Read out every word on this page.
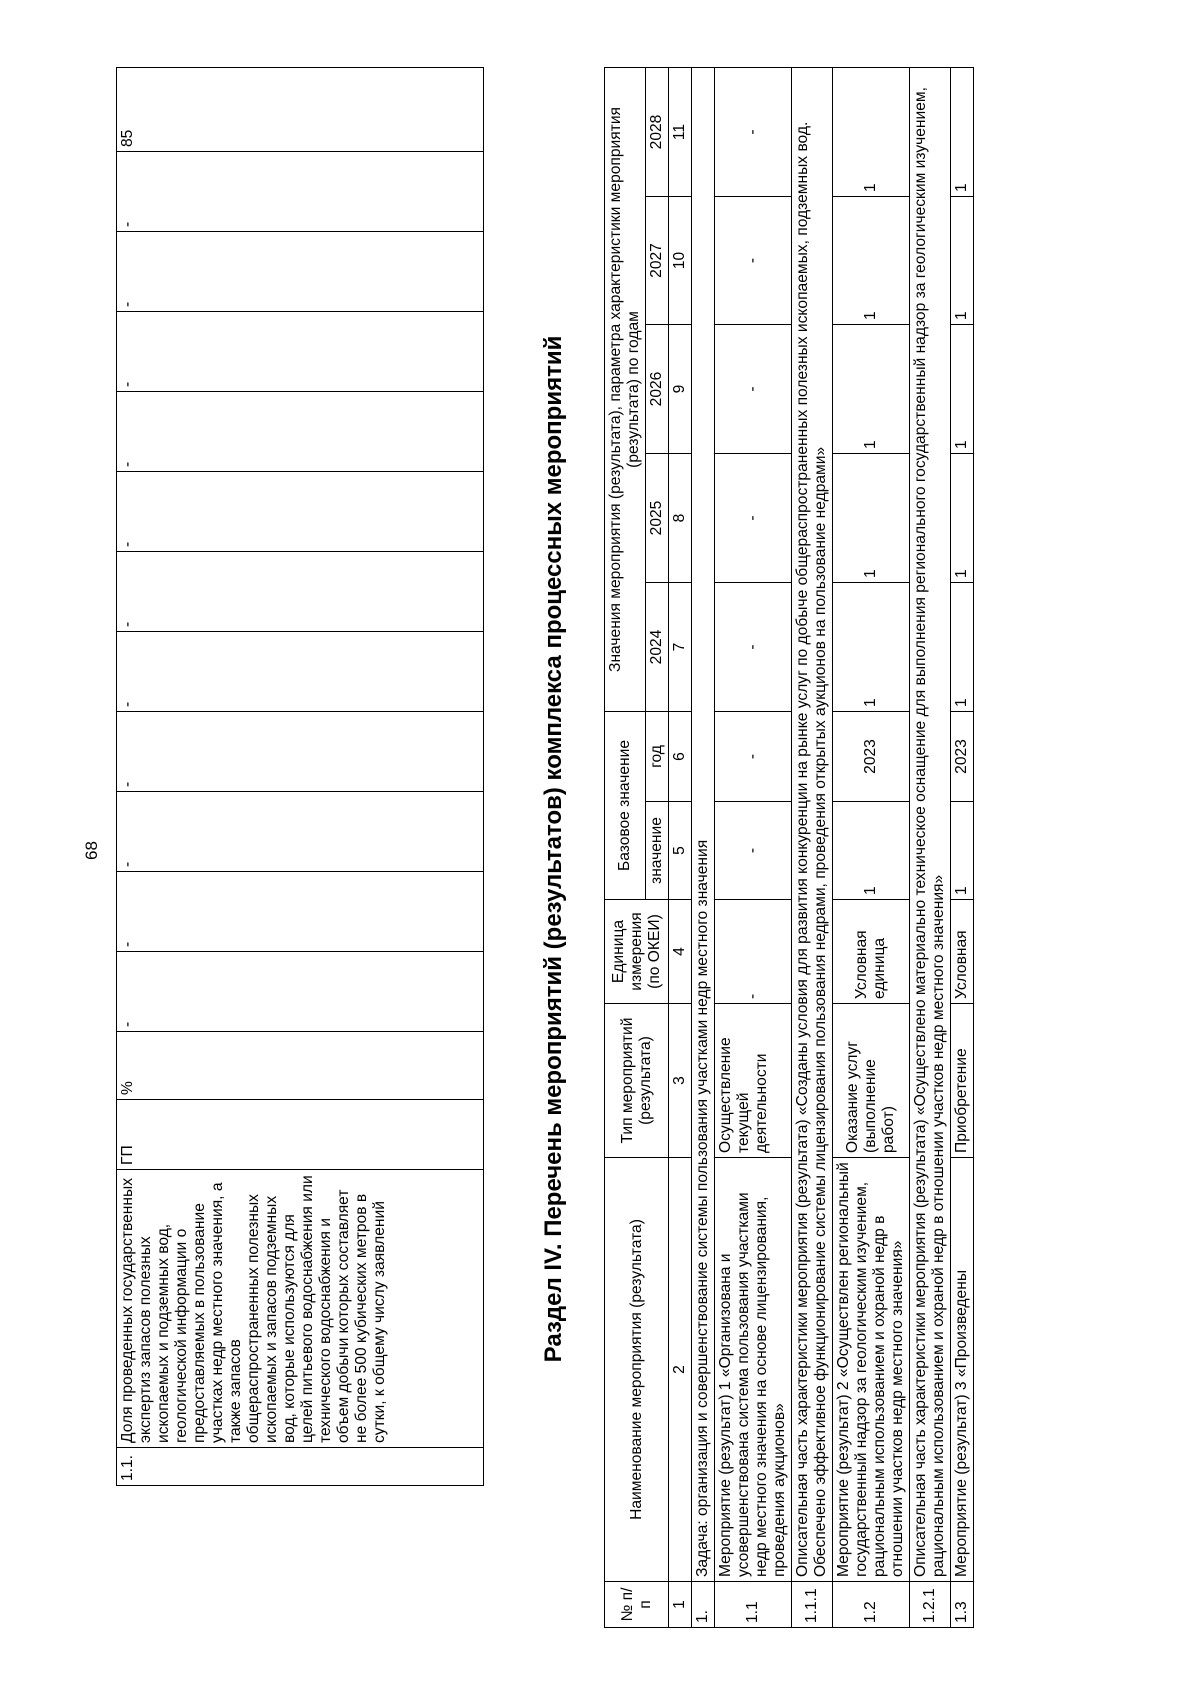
68
1.1.	Доля проведенных государственных экспертиз запасов полезных ископаемых и подземных вод, геологической информации о предоставляемых в пользование участках недр местного значения, а также запасов общераспространенных полезных ископаемых и запасов подземных вод, которые используются для целей питьевого водоснабжения или технического водоснабжения и объем добычи которых составляет не более 500 кубических метров в сутки, к общему числу заявлений	ГП	%	-	-	-	-	-	-	-	-	-	-	-	85
Раздел IV. Перечень мероприятий (результатов) комплекса процессных мероприятий
№ п/п	Наименование мероприятия (результата)	Тип мероприятий (результата)	Единица измерения (по ОКЕИ)	Базовое значение		Значения мероприятия (результата), параметра характеристики мероприятия (результата) по годам				
				значение	год	2024	2025	2026	2027	2028
1	2	3	4	5	6	7	8	9	10	11
1.	Задача: организация и совершенствование системы пользования участками недр местного значения									
1.1	Мероприятие (результат) 1 «Организована и усовершенствована система пользования участками недр местного значения на основе лицензирования, проведения аукционов»	Осуществление текущей деятельности	-	-	-	-	-	-	-	-
1.1.1	Описательная часть характеристики мероприятия (результата) «Созданы условия для развития конкуренции на рынке услуг по добыче общераспространенных полезных ископаемых, подземных вод. Обеспечено эффективное функционирование системы лицензирования пользования недрами, проведения открытых аукционов на пользование недрами»									
1.2	Мероприятие (результат) 2 «Осуществлен региональный государственный надзор за геологическим изучением, рациональным использованием и охраной недр в отношении участков недр местного значения»	Оказание услуг (выполнение работ)	Условная единица	1	2023	1	1	1	1	1
1.2.1	Описательная часть характеристики мероприятия (результата) «Осуществлено материально техническое оснащение для выполнения регионального государственный надзор за геологическим изучением, рациональным использованием и охраной недр в отношении участков недр местного значения»									
1.3	Мероприятие (результат) 3 «Произведены	Приобретение	Условная	1	2023	1	1	1	1	1
